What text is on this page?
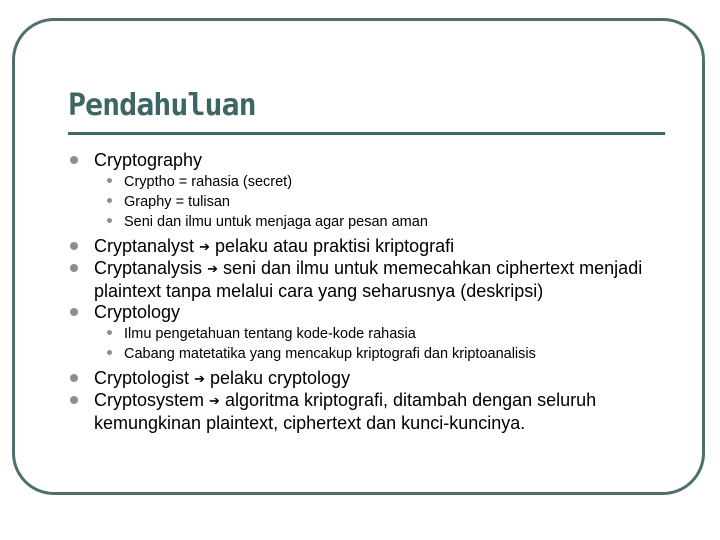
Pendahuluan
Cryptography
Cryptho = rahasia (secret)
Graphy = tulisan
Seni dan ilmu untuk menjaga agar pesan aman
Cryptanalyst ➔ pelaku atau praktisi kriptografi
Cryptanalysis ➔ seni dan ilmu untuk memecahkan ciphertext menjadi plaintext tanpa melalui cara yang seharusnya (deskripsi)
Cryptology
Ilmu pengetahuan tentang kode-kode rahasia
Cabang matetatika yang mencakup kriptografi dan kriptoanalisis
Cryptologist ➔ pelaku cryptology
Cryptosystem ➔ algoritma kriptografi, ditambah dengan seluruh kemungkinan plaintext, ciphertext dan kunci-kuncinya.
